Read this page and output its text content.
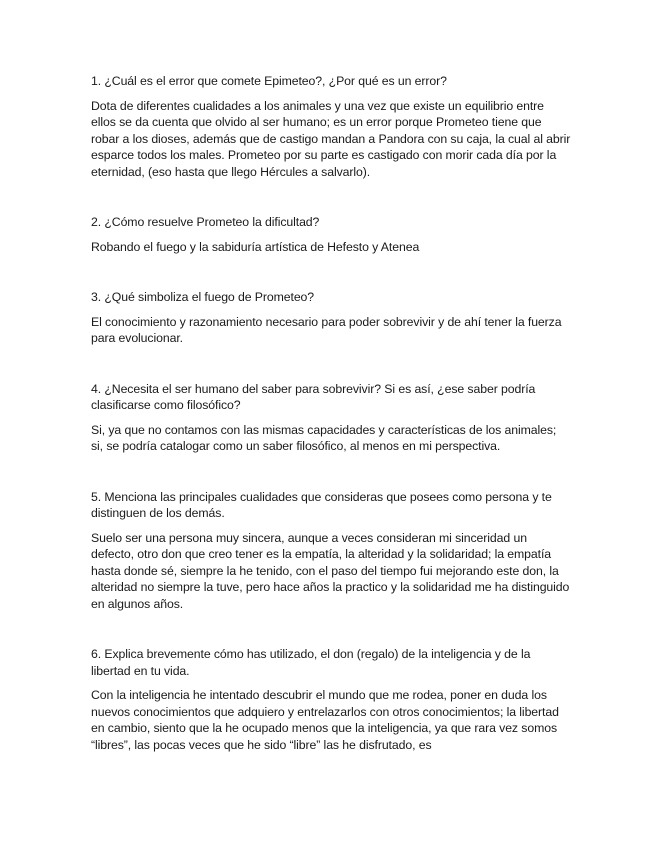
1. ¿Cuál es el error que comete Epimeteo?, ¿Por qué es un error?

Dota de diferentes cualidades a los animales y una vez que existe un equilibrio entre ellos se da cuenta que olvido al ser humano; es un error porque Prometeo tiene que robar a los dioses, además que de castigo mandan a Pandora con su caja, la cual al abrir esparce todos los males. Prometeo por su parte es castigado con morir cada día por la eternidad, (eso hasta que llego Hércules a salvarlo).

2. ¿Cómo resuelve Prometeo la dificultad?

Robando el fuego y la sabiduría artística de Hefesto y Atenea

3. ¿Qué simboliza el fuego de Prometeo?

El conocimiento y razonamiento necesario para poder sobrevivir y de ahí tener la fuerza para evolucionar.

4. ¿Necesita el ser humano del saber para sobrevivir? Si es así, ¿ese saber podría clasificarse como filosófico?

Si, ya que no contamos con las mismas capacidades y características de los animales; si, se podría catalogar como un saber filosófico, al menos en mi perspectiva.

5. Menciona las principales cualidades que consideras que posees como persona y te distinguen de los demás.

Suelo ser una persona muy sincera, aunque a veces consideran mi sinceridad un defecto, otro don que creo tener es la empatía, la alteridad y la solidaridad; la empatía hasta donde sé, siempre la he tenido, con el paso del tiempo fui mejorando este don, la alteridad no siempre la tuve, pero hace años la practico y la solidaridad me ha distinguido en algunos años.

6. Explica brevemente cómo has utilizado, el don (regalo) de la inteligencia y de la libertad en tu vida.

Con la inteligencia he intentado descubrir el mundo que me rodea, poner en duda los nuevos conocimientos que adquiero y entrelazarlos con otros conocimientos; la libertad en cambio, siento que la he ocupado menos que la inteligencia, ya que rara vez somos “libres”, las pocas veces que he sido “libre” las he disfrutado, es
